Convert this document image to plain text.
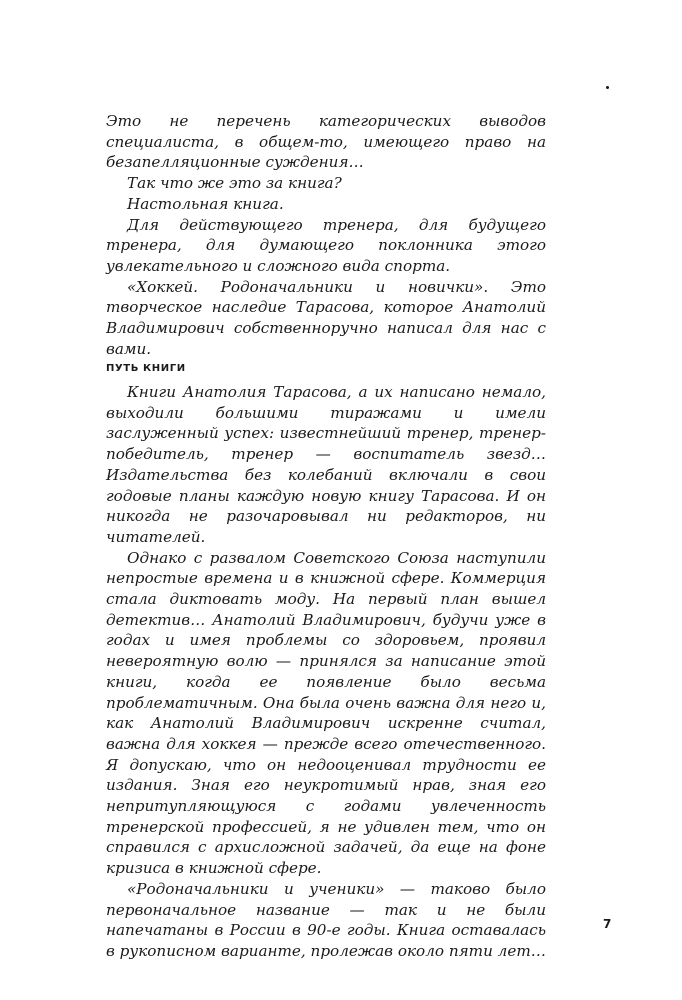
Это не перечень категорических выводов специалиста, в общем-то, имеющего право на безапелляционные суждения…

Так что же это за книга?

Настольная книга.

Для действующего тренера, для будущего тренера, для думающего поклонника этого увлекательного и сложного вида спорта.

«Хоккей. Родоначальники и новички». Это творческое наследие Тарасова, которое Анатолий Владимирович собственноручно написал для нас с вами.

ПУТЬ КНИГИ

Книги Анатолия Тарасова, а их написано немало, выходили большими тиражами и имели заслуженный успех: известнейший тренер, тренер-победитель, тренер — воспитатель звезд… Издательства без колебаний включали в свои годовые планы каждую новую книгу Тарасова. И он никогда не разочаровывал ни редакторов, ни читателей.

Однако с развалом Советского Союза наступили непростые времена и в книжной сфере. Коммерция стала диктовать моду. На первый план вышел детектив… Анатолий Владимирович, будучи уже в годах и имея проблемы со здоровьем, проявил невероятную волю — принялся за написание этой книги, когда ее появление было весьма проблематичным. Она была очень важна для него и, как Анатолий Владимирович искренне считал, важна для хоккея — прежде всего отечественного. Я допускаю, что он недооценивал трудности ее издания. Зная его неукротимый нрав, зная его непритупляющуюся с годами увлеченность тренерской профессией, я не удивлен тем, что он справился с архисложной задачей, да еще на фоне кризиса в книжной сфере.

«Родоначальники и ученики» — таково было первоначальное название — так и не были напечатаны в России в 90-е годы. Книга оставалась в рукописном варианте, пролежав около пяти лет…

7
